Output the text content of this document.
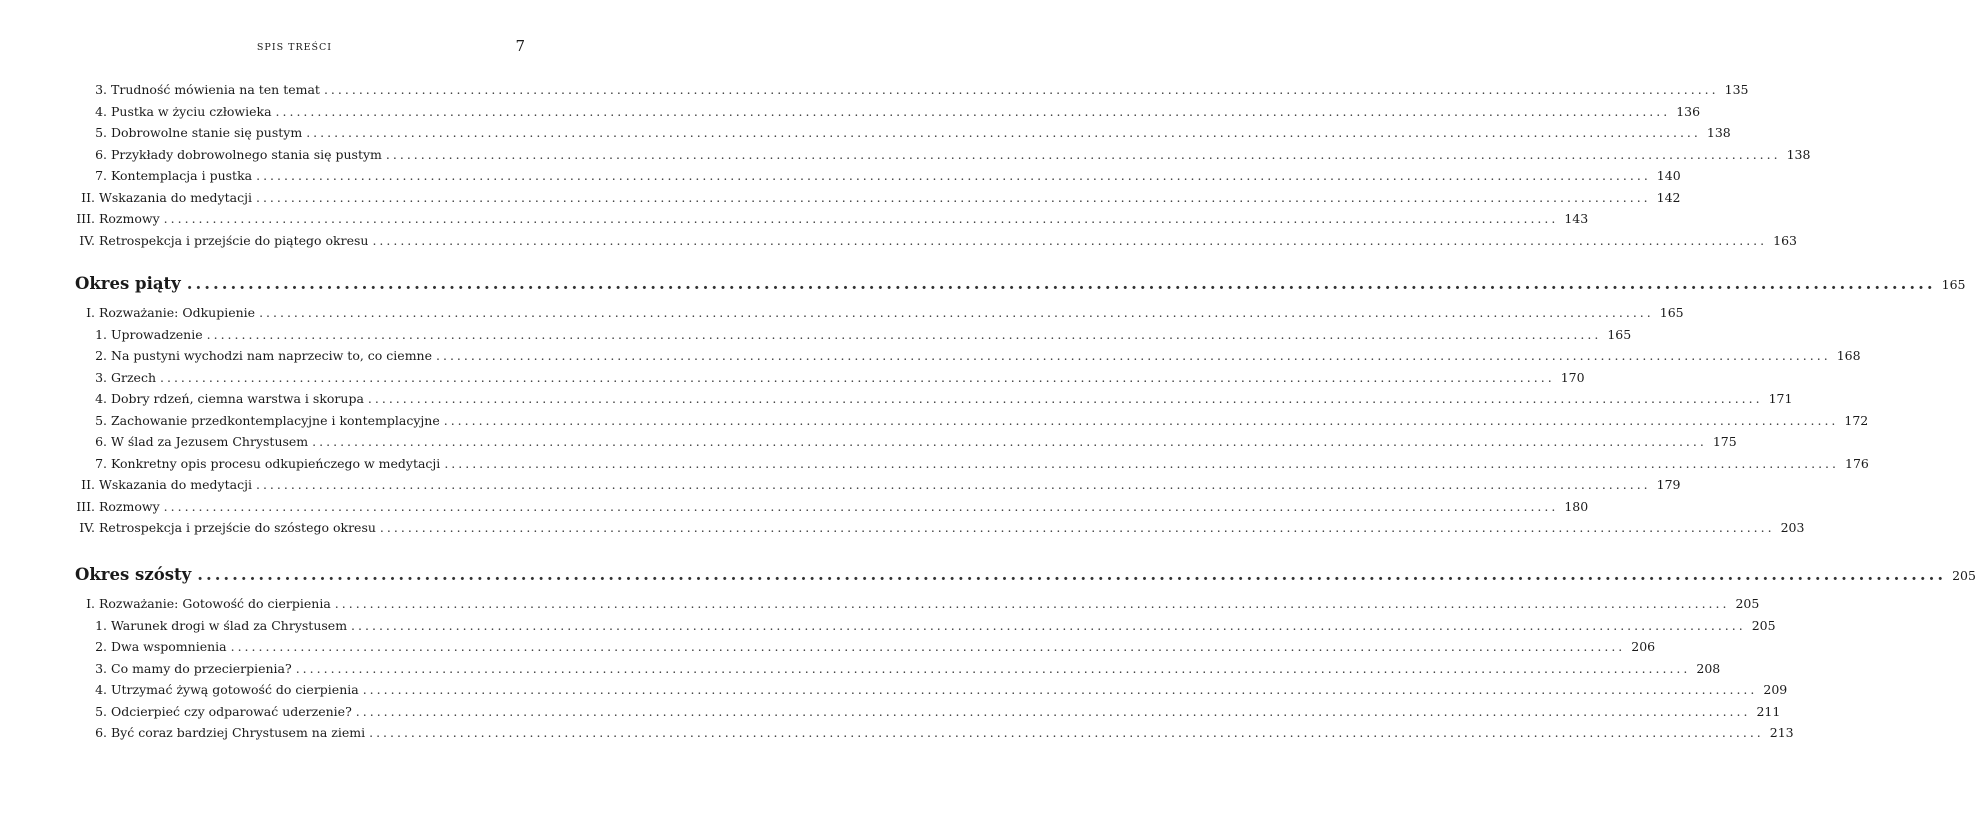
SPIS TREŚCI	7
3. Trudność mówienia na ten temat ........................................................................................................................................................................................................ 135
4. Pustka w życiu człowieka ........................................................................................................................................................................................................ 136
5. Dobrowolne stanie się pustym ........................................................................................................................................................................................................ 138
6. Przykłady dobrowolnego stania się pustym ........................................................................................................................................................................................................ 138
7. Kontemplacja i pustka ........................................................................................................................................................................................................ 140
II. Wskazania do medytacji ........................................................................................................................................................................................................ 142
III. Rozmowy ........................................................................................................................................................................................................ 143
IV. Retrospekcja i przejście do piątego okresu ........................................................................................................................................................................................................ 163
Okres piąty ........................................................................................................................................................................................................ 165
I. Rozważanie: Odkupienie ........................................................................................................................................................................................................ 165
1. Uprowadzenie ........................................................................................................................................................................................................ 165
2. Na pustyni wychodzi nam naprzeciw to, co ciemne ........................................................................................................................................................................................................ 168
3. Grzech ........................................................................................................................................................................................................ 170
4. Dobry rdzeń, ciemna warstwa i skorupa ........................................................................................................................................................................................................ 171
5. Zachowanie przedkontemplacyjne i kontemplacyjne ........................................................................................................................................................................................................ 172
6. W ślad za Jezusem Chrystusem ........................................................................................................................................................................................................ 175
7. Konkretny opis procesu odkupieńczego w medytacji ........................................................................................................................................................................................................ 176
II. Wskazania do medytacji ........................................................................................................................................................................................................ 179
III. Rozmowy ........................................................................................................................................................................................................ 180
IV. Retrospekcja i przejście do szóstego okresu ........................................................................................................................................................................................................ 203
Okres szósty ........................................................................................................................................................................................................ 205
I. Rozważanie: Gotowość do cierpienia ........................................................................................................................................................................................................ 205
1. Warunek drogi w ślad za Chrystusem ........................................................................................................................................................................................................ 205
2. Dwa wspomnienia ........................................................................................................................................................................................................ 206
3. Co mamy do przecierpienia? ........................................................................................................................................................................................................ 208
4. Utrzymać żywą gotowość do cierpienia ........................................................................................................................................................................................................ 209
5. Odcierpieć czy odparować uderzenie? ........................................................................................................................................................................................................ 211
6. Być coraz bardziej Chrystusem na ziemi ........................................................................................................................................................................................................ 213
